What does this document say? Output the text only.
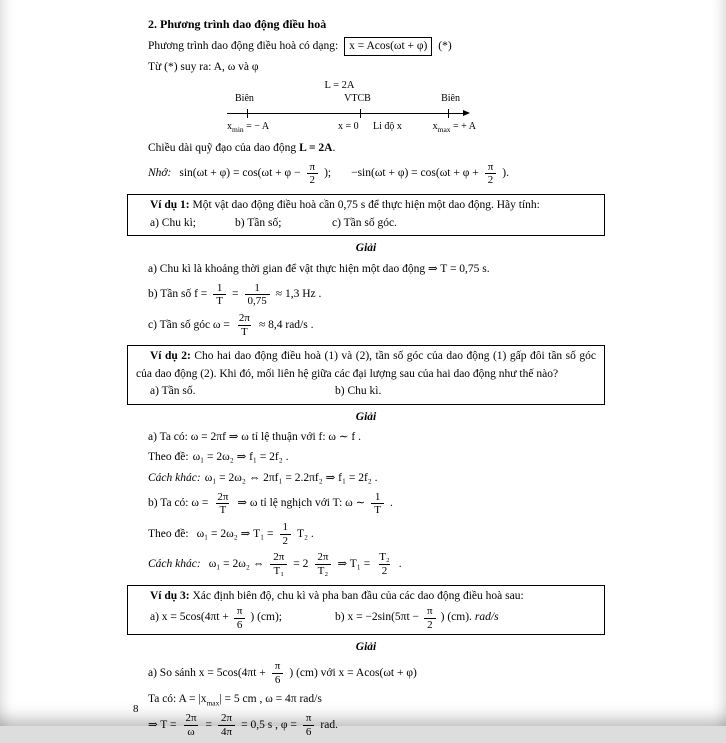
2. Phương trình dao động điều hoà

Phương trình dao động điều hoà có dạng: x = Acos(ωt + φ) (*)

Từ (*) suy ra: A, ω và φ

L = 2A
VTCB
Biên	Biên
$x_{min}$ = − A	x = 0 Li độ x	$x_{max}$ = + A

Chiều dài quỹ đạo của dao động L = 2A.

Nhớ: $\sin(\omega t + \varphi) = \cos(\omega t + \varphi - \frac{\pi}{2}$ ); $-\sin(\omega t + \varphi) = \cos(\omega t + \varphi + \frac{\pi}{2}$ ).

Ví dụ 1: Một vật dao động điều hoà cần 0,75 s để thực hiện một dao động. Hãy tính:

a) Chu kì;	b) Tần số;	c) Tần số góc.

Giải

a) Chu kì là khoảng thời gian để vật thực hiện một dao động ⇒ T = 0,75 s.

b) Tần số $f = \frac{1}{T} = \frac{1}{0,75} \approx 1,3$ Hz .

c) Tần số góc $\omega = \frac{2\pi}{T} \approx 8,4$ rad/s .

Ví dụ 2: Cho hai dao động điều hoà (1) và (2), tần số góc của dao động (1) gấp đôi tần số góc của dao động (2). Khi đó, mối liên hệ giữa các đại lượng sau của hai dao động như thế nào?

a) Tần số.	b) Chu kì.

Giải

a) Ta có: ω = 2πf ⇒ ω tỉ lệ thuận với f: ω ∼ f .

Theo đề: ω₁ = 2ω₂ ⇒ f₁ = 2f₂ .

Cách khác: ω₁ = 2ω₂ ⇔ 2πf₁ = 2.2πf₂ ⇒ f₁ = 2f₂ .

b) Ta có: $\omega = \frac{2\pi}{T}$ ⇒ ω tỉ lệ nghịch với T: ω ∼ $\frac{1}{T}$ .

Theo đề: ω₁ = 2ω₂ ⇒ $T_1 = \frac{1}{2} T_2$ .

Cách khác: ω₁ = 2ω₂ ⇔ $\frac{2\pi}{\text{T₁}} = 2 \frac{2\pi}{\text{T₂}}$ ⇒ $T_1 = \frac{\text{T₂}}{2}$ .

Ví dụ 3: Xác định biên độ, chu kì và pha ban đầu của các dao động điều hoà sau:

a) $x = 5\cos(4\pi t + \frac{\pi}{6}$ ) (cm);	b) $x = -2\sin(5\pi t - \frac{\pi}{2}$ ) (cm). rad/s

Giải

a) So sánh $x = 5\cos(4\pi t + \frac{\pi}{6}$ ) (cm) với x = Acos(ωt + φ)

Ta có: $A = |x_{max}| = 5$ cm , ω = 4π rad/s

⇒ $T = \frac{2\pi}{\omega} = \frac{2\pi}{4\pi} = 0,5$ s , $\varphi = \frac{\pi}{6}$ rad.

8
